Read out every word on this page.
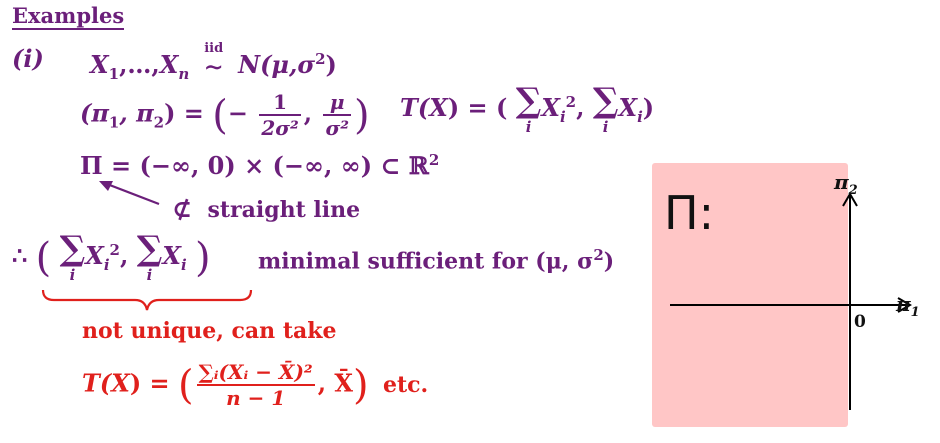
Examples
(i) $X_1,\dots,X_n$
iid
∼ $N(\mu,\sigma^2)$
($\pi_1$, $\pi_2$) = (− $\frac{1}{\text{2σ²}}$ , $\frac{\mu}{\text{σ²}}$ ) T(X) = ( ∑
i
$X_i^2$, ∑
i
$X_i$)
Π = (−∞, 0) × (−∞, ∞) ⊂ ℝ$^2$
⊄ straight line
∴ ( ∑
i
$X_i^2$, ∑
i
$X_i$ ) minimal sufficient for (μ, $\sigma^2$)
not unique, can take
T(X) = ( $\frac{\text{∑ᵢ(Xᵢ − X̄)²}}{n - 1}$ , X̄) etc.
Π:
$\pi_2$
$\pi_1$
0
